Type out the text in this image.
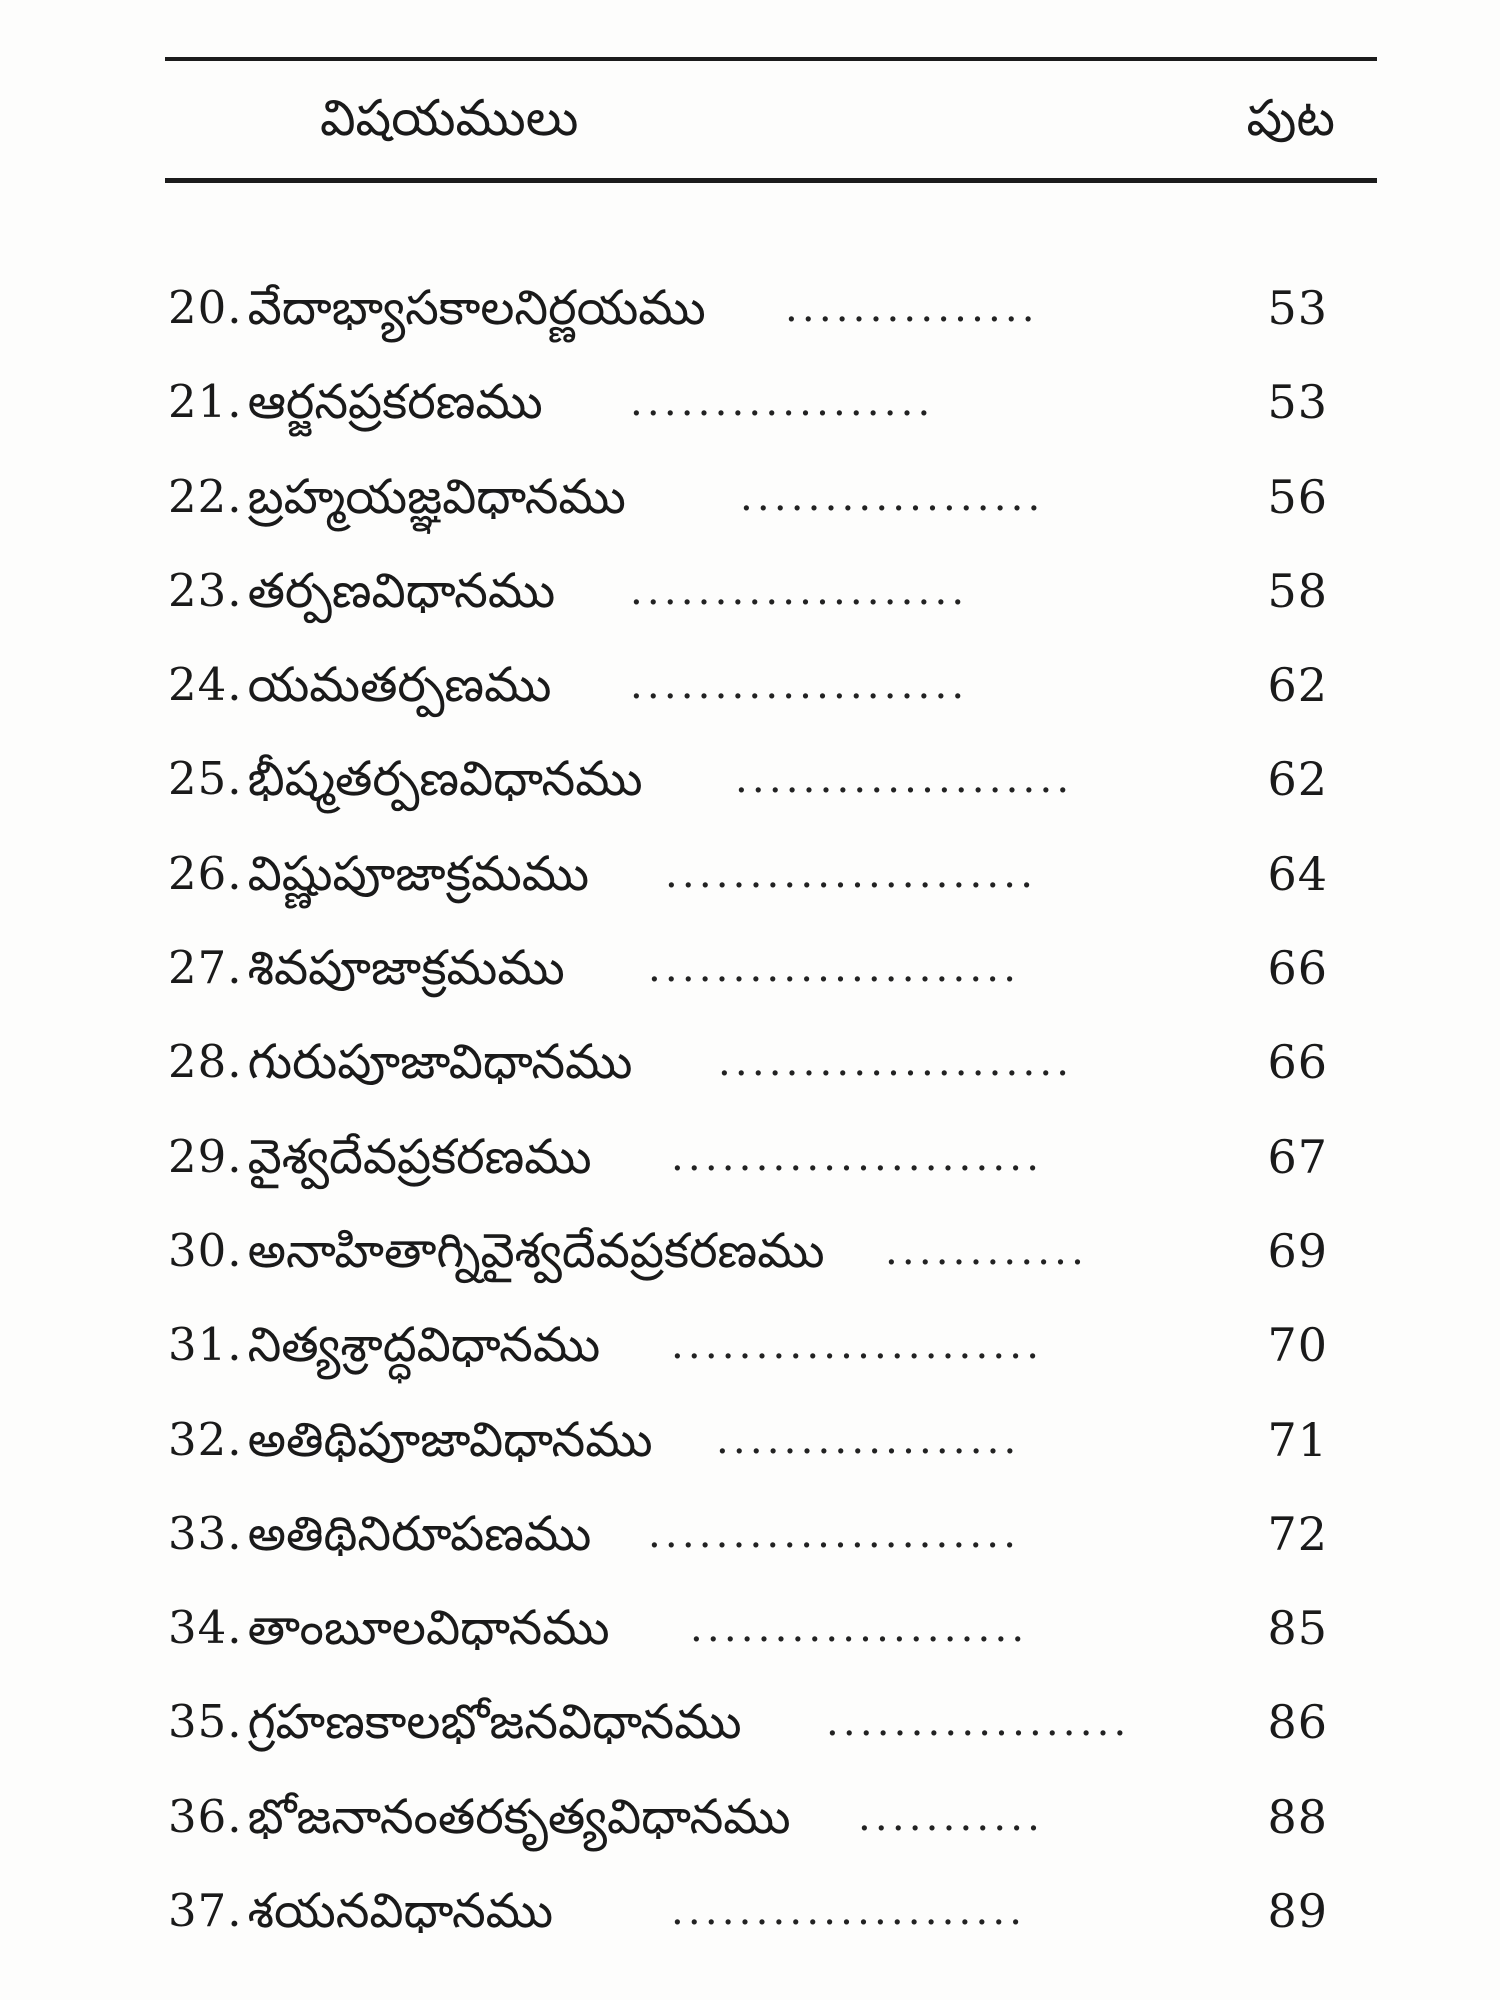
విషయములు	పుట
20 . వేదాభ్యాసకాలనిర్ణయము ...............	53
21 . ఆర్జనప్రకరణము ..................	53
22 . బ్రహ్మయజ్ఞవిధానము	..................	56
23 . తర్పణవిధానము ....................	58
24 . యమతర్పణము ....................	62
25 . భీష్మతర్పణవిధానము ....................	62
26 . విష్ణుపూజాక్రమము ......................	64
27 . శివపూజాక్రమము ......................	66
28 . గురుపూజావిధానము .....................	66
29 . వైశ్వదేవప్రకరణము ......................	67
30 . అనాహితాగ్నివైశ్వదేవప్రకరణము ............	69
31 . నిత్యశ్రాద్ధవిధానము ......................	70
32 . అతిథిపూజావిధానము ..................	71
33 . అతిథినిరూపణము ......................	72
34 . తాంబూలవిధానము ....................	85
35 . గ్రహణకాలభోజనవిధానము ..................	86
36 . భోజనానంతరకృత్యవిధానము ...........	88
37 . శయనవిధానము	.....................	89
